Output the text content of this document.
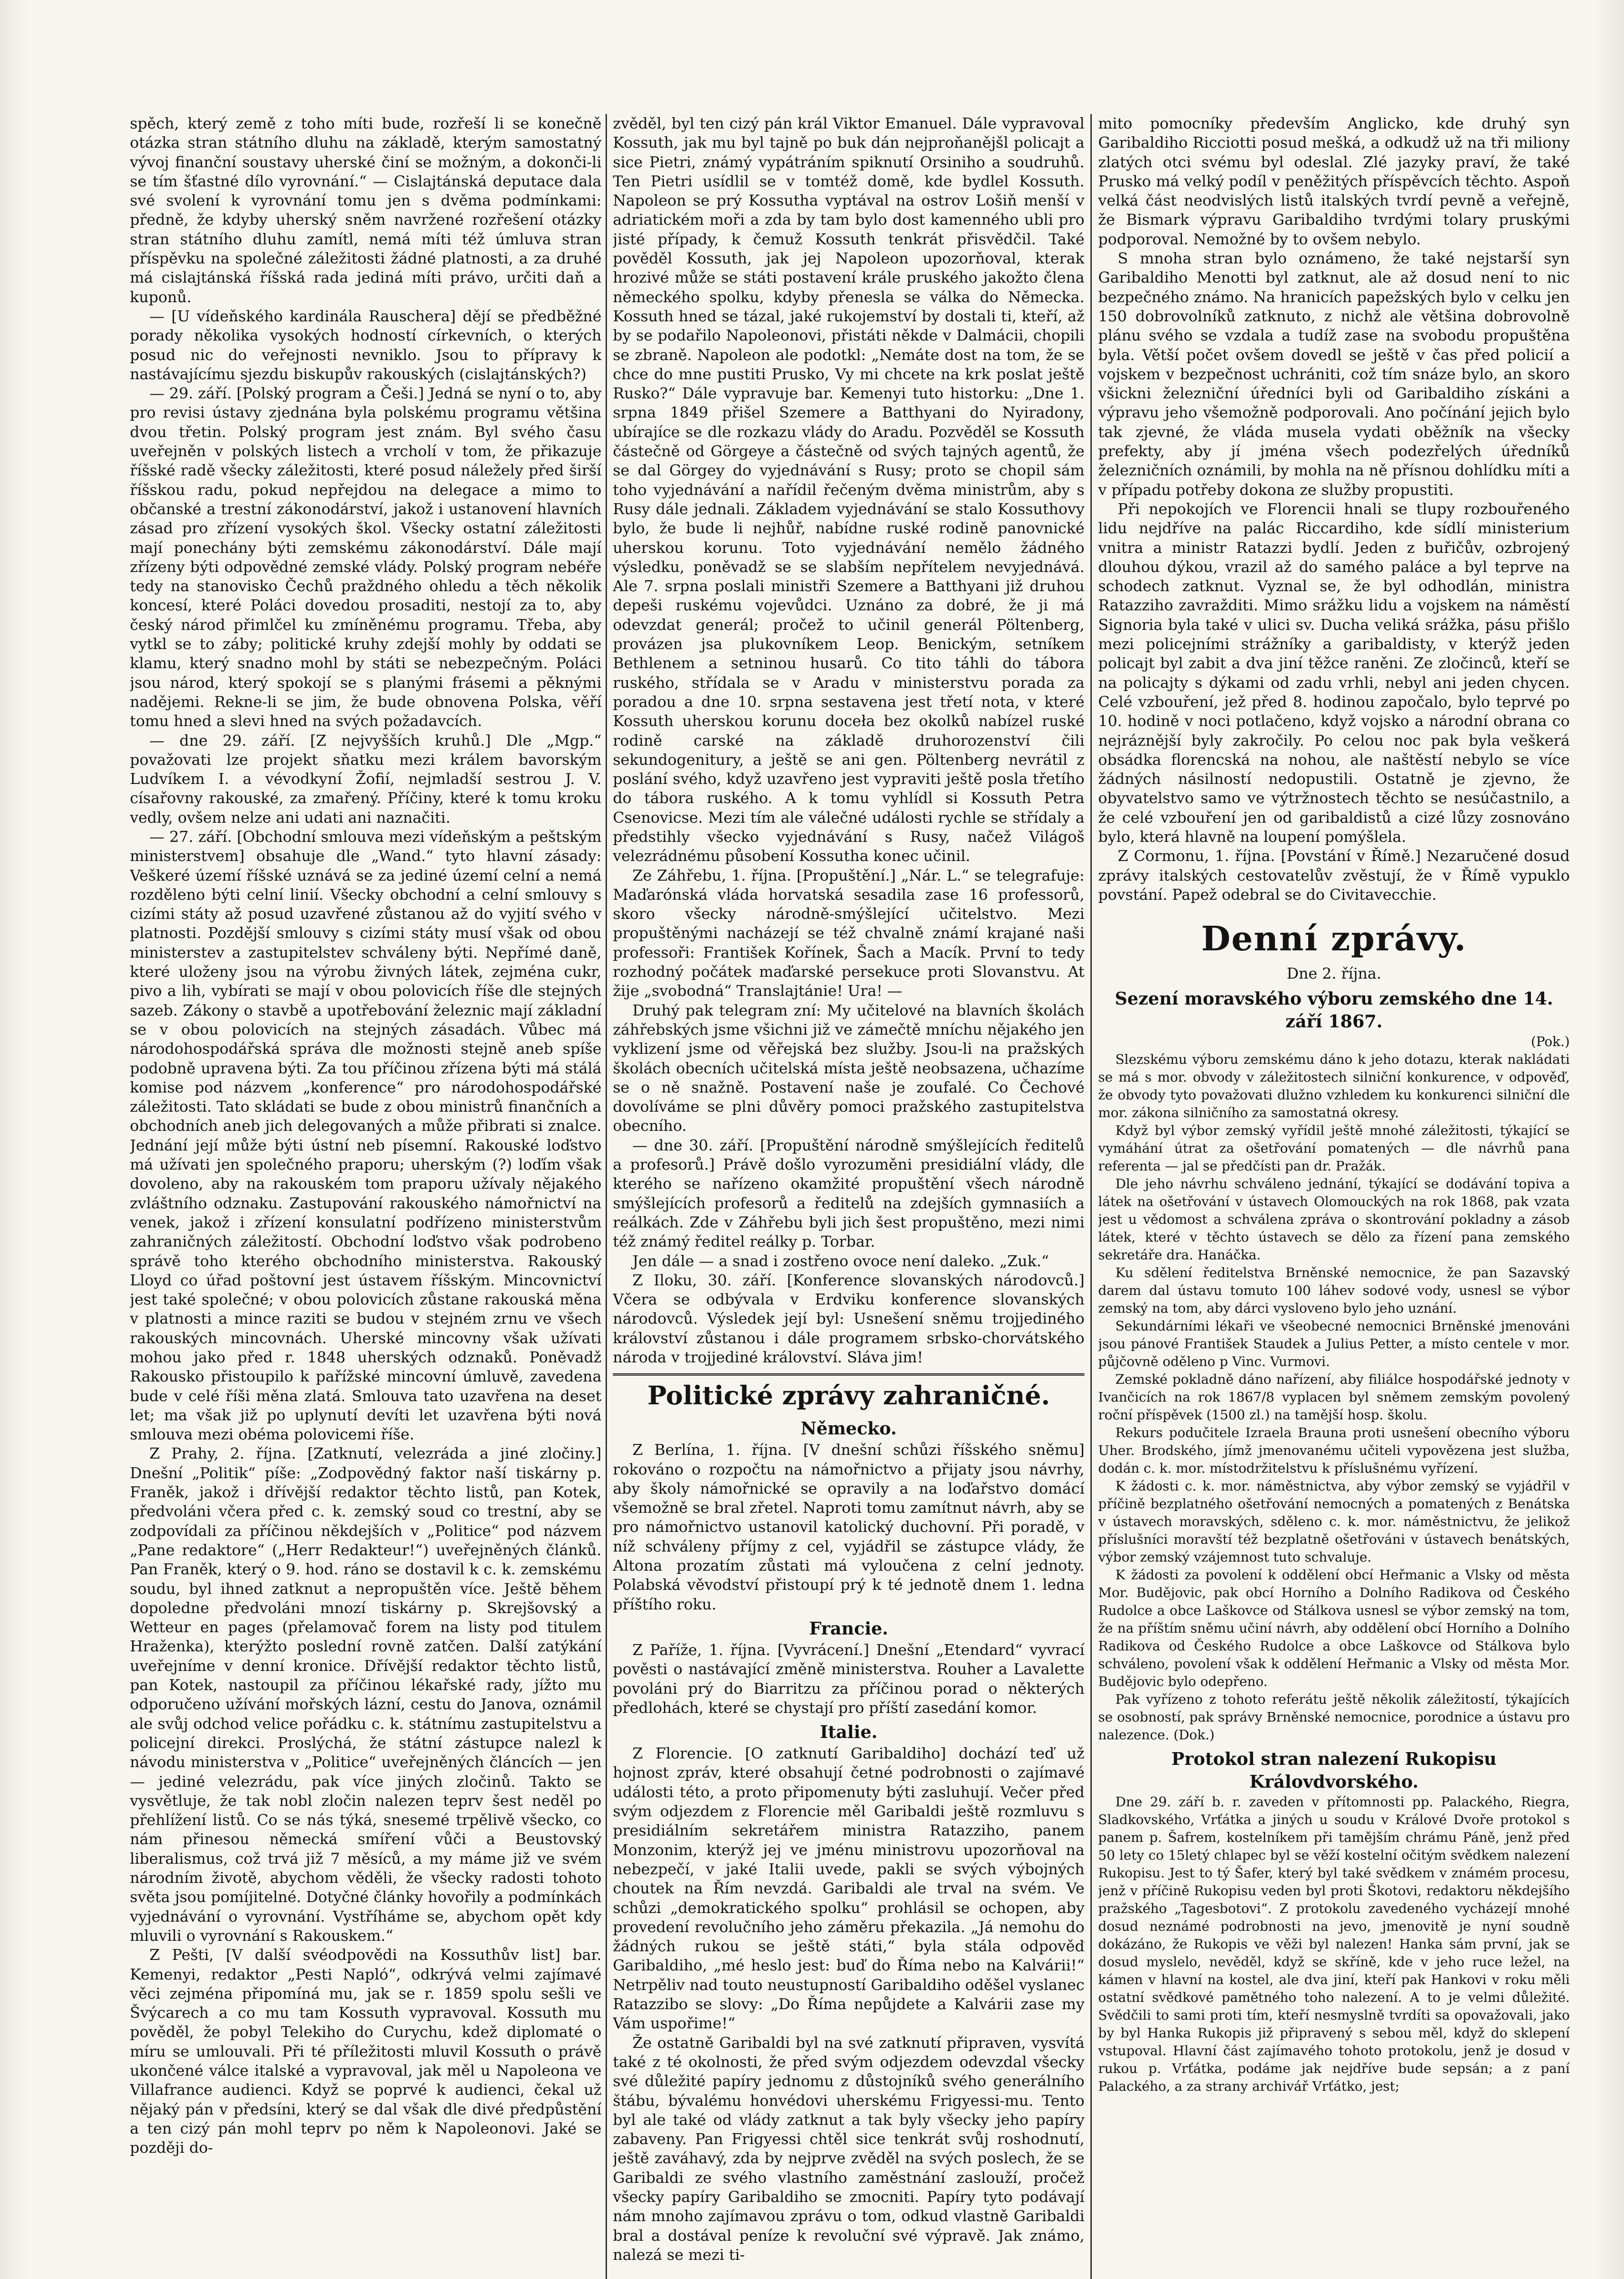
spěch, který země z toho míti bude, rozřeší li se konečně otázka stran státního dluhu na základě, kterým samostatný vývoj finanční soustavy uherské činí se možným, a dokonči-li se tím šťastné dílo vyrovnání.“ — Cislajtánská deputace dala své svolení k vyrovnání tomu jen s dvěma podmínkami: předně, že kdyby uherský sněm navržené rozřešení otázky stran státního dluhu zamítl, nemá míti též úmluva stran příspěvku na společné záležitosti žádné platnosti, a za druhé má cislajtánská říšská rada jediná míti právo, určiti daň a kuponů.

— [U vídeňského kardinála Rauschera] dějí se předběžné porady několika vysokých hodností církevních, o kterých posud nic do veřejnosti nevniklo. Jsou to přípravy k nastávajícímu sjezdu biskupův rakouských (cislajtánských?)

— 29. září. [Polský program a Češi.] Jedná se nyní o to, aby pro revisi ústavy zjednána byla polskému programu většina dvou třetin. Polský program jest znám. Byl svého času uveřejněn v polských listech a vrcholí v tom, že přikazuje říšské radě všecky záležitosti, které posud náležely před širší říšskou radu, pokud nepřejdou na delegace a mimo to občanské a trestní zákonodárství, jakož i ustanovení hlavních zásad pro zřízení vysokých škol. Všecky ostatní záležitosti mají ponechány býti zemskému zákonodárství. Dále mají zřízeny býti odpovědné zemské vlády. Polský program nebéře tedy na stanovisko Čechů praždného ohledu a těch několik koncesí, které Poláci dovedou prosaditi, nestojí za to, aby český národ přimlčel ku zmíněnému programu. Třeba, aby vytkl se to záby; politické kruhy zdejší mohly by oddati se klamu, který snadno mohl by státi se nebezpečným. Poláci jsou národ, který spokojí se s planými frásemi a pěknými nadějemi. Rekne-li se jim, že bude obnovena Polska, věří tomu hned a slevi hned na svých požadavcích.

— dne 29. září. [Z nejvyšších kruhů.] Dle „Mgp.“ považovati lze projekt sňatku mezi králem bavorským Ludvíkem I. a vévodkyní Žofií, nejmladší sestrou J. V. císařovny rakouské, za zmařený. Příčiny, které k tomu kroku vedly, ovšem nelze ani udati ani naznačiti.

— 27. září. [Obchodní smlouva mezi vídeňským a peštským ministerstvem] obsahuje dle „Wand.“ tyto hlavní zásady: Veškeré území říšské uznává se za jediné území celní a nemá rozděleno býti celní linií. Všecky obchodní a celní smlouvy s cizími státy až posud uzavřené zůstanou až do vyjití svého v platnosti. Pozdější smlouvy s cizími státy musí však od obou ministerstev a zastupitelstev schváleny býti. Nepřímé daně, které uloženy jsou na výrobu živných látek, zejména cukr, pivo a lih, vybírati se mají v obou polovicích říše dle stejných sazeb. Zákony o stavbě a upotřebování železnic mají základní se v obou polovicích na stejných zásadách. Vůbec má národohospodářská správa dle možnosti stejně aneb spíše podobně upravena býti. Za tou příčinou zřízena býti má stálá komise pod názvem „konference“ pro národohospodářské záležitosti. Tato skládati se bude z obou ministrů finančních a obchodních aneb jich delegovaných a může přibrati si znalce. Jednání její může býti ústní neb písemní. Rakouské loďstvo má užívati jen společného praporu; uherským (?) loďím však dovoleno, aby na rakouském tom praporu užívaly nějakého zvláštního odznaku. Zastupování rakouského námořnictví na venek, jakož i zřízení konsulatní podřízeno ministerstvům zahraničných záležitostí. Obchodní loďstvo však podrobeno správě toho kterého obchodního ministerstva. Rakouský Lloyd co úřad poštovní jest ústavem říšským. Mincovnictví jest také společné; v obou polovicích zůstane rakouská měna v platnosti a mince raziti se budou v stejném zrnu ve všech rakouských mincovnách. Uherské mincovny však užívati mohou jako před r. 1848 uherských odznaků. Poněvadž Rakousko přistoupilo k pařížské mincovní úmluvě, zavedena bude v celé říši měna zlatá. Smlouva tato uzavřena na deset let; ma však již po uplynutí devíti let uzavřena býti nová smlouva mezi obéma polovicemi říše.

Z Prahy, 2. října. [Zatknutí, velezráda a jiné zločiny.] Dnešní „Politik“ píše: „Zodpovědný faktor naší tiskárny p. Franěk, jakož i dřívější redaktor těchto listů, pan Kotek, předvoláni včera před c. k. zemský soud co trestní, aby se zodpovídali za příčinou někdejších v „Politice“ pod názvem „Pane redaktore“ („Herr Redakteur!“) uveřejněných článků. Pan Franěk, který o 9. hod. ráno se dostavil k c. k. zemskému soudu, byl ihned zatknut a nepropuštěn více. Ještě během dopoledne předvoláni mnozí tiskárny p. Skrejšovský a Wetteur en pages (přelamovač forem na listy pod titulem Hraženka), kterýžto poslední rovně zatčen. Další zatýkání uveřejníme v denní kronice. Dřívější redaktor těchto listů, pan Kotek, nastoupil za příčinou lékařské rady, jížto mu odporučeno užívání mořských lázní, cestu do Janova, oznámil ale svůj odchod velice pořádku c. k. státnímu zastupitelstvu a policejní direkci. Proslýchá, že státní zástupce nalezl k návodu ministerstva v „Politice“ uveřejněných článcích — jen — jediné velezrádu, pak více jiných zločinů. Takto se vysvětluje, že tak nobl zločin nalezen teprv šest neděl po přehlížení listů. Co se nás týká, snesemé trpělivě všecko, co nám přinesou německá smíření vůči a Beustovský liberalismus, což trvá již 7 měsíců, a my máme již ve svém národním životě, abychom věděli, že všecky radosti tohoto světa jsou pomíjitelné. Dotyčné články hovořily a podmínkách vyjednávání o vyrovnání. Vystříháme se, abychom opět kdy mluvili o vyrovnání s Rakouskem.“

Z Pešti, [V další svéodpovědi na Kossuthův list] bar. Kemenyi, redaktor „Pesti Napló“, odkrývá velmi zajímavé věci zejména připomíná mu, jak se r. 1859 spolu sešli ve Švýcarech a co mu tam Kossuth vypravoval. Kossuth mu pověděl, že pobyl Telekiho do Curychu, kdež diplomaté o míru se umlouvali. Při té příležitosti mluvil Kossuth o právě ukončené válce italské a vypravoval, jak měl u Napoleona ve Villafrance audienci. Když se poprvé k audienci, čekal už nějaký pán v předsíni, který se dal však dle divé předpůstění a ten cizý pán mohl teprv po něm k Napoleonovi. Jaké se později do-

zvěděl, byl ten cizý pán král Viktor Emanuel. Dále vypravoval Kossuth, jak mu byl tajně po buk dán nejproňanějšl policajt a sice Pietri, známý vypátráním spiknutí Orsiniho a soudruhů. Ten Pietri usídlil se v tomtéž domě, kde bydlel Kossuth. Napoleon se prý Kossutha vyptával na ostrov Lošiň menší v adriatickém moři a zda by tam bylo dost kamenného ubli pro jisté případy, k čemuž Kossuth tenkrát přisvědčil. Také pověděl Kossuth, jak jej Napoleon upozorňoval, kterak hrozivé může se státi postavení krále pruského jakožto člena německého spolku, kdyby přenesla se válka do Německa. Kossuth hned se tázal, jaké rukojemství by dostali ti, kteří, až by se podařilo Napoleonovi, přistáti někde v Dalmácii, chopili se zbraně. Napoleon ale podotkl: „Nemáte dost na tom, že se chce do mne pustiti Prusko, Vy mi chcete na krk poslat ještě Rusko?“ Dále vypravuje bar. Kemenyi tuto historku: „Dne 1. srpna 1849 přišel Szemere a Batthyani do Nyiradony, ubírajíce se dle rozkazu vlády do Aradu. Pozvěděl se Kossuth částečně od Görgeye a částečně od svých tajných agentů, že se dal Görgey do vyjednávání s Rusy; proto se chopil sám toho vyjednávání a nařídil řečeným dvěma ministrům, aby s Rusy dále jednali. Základem vyjednávání se stalo Kossuthovy bylo, že bude li nejhůř, nabídne ruské rodině panovnické uherskou korunu. Toto vyjednávání nemělo žádného výsledku, poněvadž se se slabším nepřítelem nevyjednává. Ale 7. srpna poslali ministři Szemere a Batthyani již druhou depeši ruskému vojevůdci. Uznáno za dobré, že ji má odevzdat generál; pročež to učinil generál Pöltenberg, provázen jsa plukovníkem Leop. Benickým, setníkem Bethlenem a setninou husarů. Co tito táhli do tábora ruského, střídala se v Aradu v ministerstvu porada za poradou a dne 10. srpna sestavena jest třetí nota, v které Kossuth uherskou korunu doceła bez okolků nabízel ruské rodině carské na základě druhorozenství čili sekundogenitury, a ještě se ani gen. Pöltenberg nevrátil z poslání svého, když uzavřeno jest vypraviti ještě posla třetího do tábora ruského. A k tomu vyhlídl si Kossuth Petra Csenovicse. Mezi tím ale válečné události rychle se střídaly a předstihly všecko vyjednávání s Rusy, načež Világoš velezrádnému působení Kossutha konec učinil.

Ze Záhřebu, 1. října. [Propuštění.] „Nár. L.“ se telegrafuje: Maďarónská vláda horvatská sesadila zase 16 professorů, skoro všecky národně-smýšlející učitelstvo. Mezi propuštěnými nacházejí se též chvalně známí krajané naši professoři: František Kořínek, Šach a Macík. První to tedy rozhodný počátek maďarské persekuce proti Slovanstvu. At žije „svobodná“ Translajtánie! Ura! —

Druhý pak telegram zní: My učitelové na blavních školách záhřebských jsme všichni již ve zámečtě mníchu nějakého jen vyklizení jsme od věřejská bez služby. Jsou-li na pražských školách obecních učitelská místa ještě neobsazena, učhazíme se o ně snažně. Postavení naše je zoufalé. Co Čechové dovolíváme se plni důvěry pomoci pražského zastupitelstva obecního.

— dne 30. září. [Propuštění národně smýšlejících ředitelů a profesorů.] Právě došlo vyrozuměni presidiální vlády, dle kterého se nařízeno okamžité propuštění všech národně smýšlejících profesorů a ředitelů na zdejších gymnasiích a reálkách. Zde v Záhřebu byli jich šest propuštěno, mezi nimi též známý ředitel reálky p. Torbar.

Jen dále — a snad i zostřeno ovoce není daleko. „Zuk.“

Z Iloku, 30. září. [Konference slovanských národovců.] Včera se odbývala v Erdviku konference slovanských národovců. Výsledek její byl: Usnešení sněmu trojjediného království zůstanou i dále programem srbsko-chorvátského národa v trojjediné království. Slávа jim!

Politické zprávy zahraničné.
Německo.

Z Berlína, 1. října. [V dnešní schůzi říšského sněmu] rokováno o rozpočtu na námořnictvo a přijaty jsou návrhy, aby školy námořnické se opravily a na loďařstvo domácí všemožně se bral zřetel. Naproti tomu zamítnut návrh, aby se pro námořnictvo ustanovil katolický duchovní. Při poradě, v níž schváleny příjmy z cel, vyjádřil se zástupce vlády, že Altona prozatím zůstati má vyloučena z celní jednoty. Polabská věvodství přistoupí prý k té jednotě dnem 1. ledna příštího roku.

Francie.

Z Paříže, 1. října. [Vyvrácení.] Dnešní „Etendard“ vyvrací pověsti o nastávající změně ministerstva. Rouher a Lavalette povoláni prý do Biarritzu za příčinou porad o některých předlohách, které se chystají pro příští zasedání komor.

Italie.

Z Florencie. [O zatknutí Garibaldiho] dochází teď už hojnost zpráv, které obsahují četné podrobnosti o zajímavé události této, a proto připomenuty býti zasluhují. Večer před svým odjezdem z Florencie měl Garibaldi ještě rozmluvu s presidiálním sekretářem ministra Ratazziho, panem Monzonim, kterýž jej ve jménu ministrovu upozorňoval na nebezpečí, v jaké Italii uvede, pakli se svých výbojných choutek na Řím nevzdá. Garibaldi ale trval na svém. Ve schůzi „demokratického spolku“ prohlásil se ochopen, aby provedení revolučního jeho záměru překazila. „Já nemohu do žádných rukou se ještě státi,“ byla stála odpověď Garibaldiho, „mé heslo jest: buď do Říma nebo na Kalvárii!“ Netrpěliv nad touto neustupností Garibaldiho oděšel vyslanec Ratazzibo se slovy: „Do Říma nepůjdete a Kalvárii zase my Vám uspořime!“

Že ostatně Garibaldi byl na své zatknutí připraven, vysvítá také z té okolnosti, že před svým odjezdem odevzdal všecky své důležité papíry jednomu z důstojníků svého generálního štábu, bývalému honvédovi uherskému Frigyessi-mu. Tento byl ale také od vlády zatknut a tak byly všecky jeho papíry zabaveny. Pan Frigyessi chtěl sice tenkrát svůj roshodnutí, ještě zaváhavý, zda by nejprve zvěděl na svých poslech, že se Garibaldi ze svého vlastního zaměstnání zaslouží, pročež všecky papíry Garibaldiho se zmocniti. Papíry tyto podávají nám mnoho zajímavou zprávu o tom, odkud vlastně Garibaldi bral a dostával peníze k revoluční své výpravě. Jak známo, nalezá se mezi ti-

mito pomocníky především Anglicko, kde druhý syn Garibaldiho Ricciotti posud mešká, a odkudž už na tři miliony zlatých otci svému byl odeslal. Zlé jazyky praví, že také Prusko má velký podíl v peněžitých příspěvcích těchto. Aspoň velká část neodvislých listů italských tvrdí pevně a veřejně, že Bismark výpravu Garibaldiho tvrdými tolary pruskými podporoval. Nemožné by to ovšem nebylo.

S mnoha stran bylo oznámeno, že také nejstarší syn Garibaldiho Menotti byl zatknut, ale až dosud není to nic bezpečného známo. Na hranicích papežských bylo v celku jen 150 dobrovolníků zatknuto, z nichž ale většina dobrovolně plánu svého se vzdala a tudíž zase na svobodu propuštěna byla. Větší počet ovšem dovedl se ještě v čas před policií a vojskem v bezpečnost uchrániti, což tím snáze bylo, an skoro všickni železniční úředníci byli od Garibaldiho získáni a výpravu jeho všemožně podporovali. Ano počínání jejich bylo tak zjevné, že vláda musela vydati oběžník na všecky prefekty, aby jí jména všech podezřelých úředníků železničních oznámili, by mohla na ně přísnou dohlídku míti a v případu potřeby dokona ze služby propustiti.

Při nepokojích ve Florencii hnali se tlupy rozbouřeného lidu nejdříve na palác Riccardiho, kde sídlí ministerium vnitra a ministr Ratazzi bydlí. Jeden z buřičův, ozbrojený dlouhou dýkou, vrazil až do samého paláce a byl teprve na schodech zatknut. Vyznal se, že byl odhodlán, ministra Ratazziho zavražditi. Mimo srážku lidu a vojskem na náměstí Signoria byla také v ulici sv. Ducha veliká srážka, pásu přišlo mezi policejními strážníky a garibaldisty, v kterýž jeden policajt byl zabit a dva jiní těžce raněni. Ze zločinců, kteří se na policajty s dýkami od zadu vrhli, nebyl ani jeden chycen. Celé vzbouření, jež před 8. hodinou započalo, bylo teprvé po 10. hodině v noci potlačeno, když vojsko a národní obrana co nejráznější byly zakročily. Po celou noc pak byla veškerá obsádka florencská na nohou, ale naštěstí nebylo se více žádných násilností nedopustili. Ostatně je zjevno, že obyvatelstvo samo ve výtržnostech těchto se nesúčastnilo, a že celé vzbouření jen od garibaldistů a cizé lůzy zosnováno bylo, která hlavně na loupení pomýšlela.

Z Cormonu, 1. října. [Povstání v Římě.] Nezaručené dosud zprávy italských cestovatelův zvěstují, že v Římě vypuklo povstání. Papež odebral se do Civitavecchie.

Denní zprávy.
Dne 2. října.
Sezení moravského výboru zemského dne 14. září 1867.
(Pok.)

Slezskému výboru zemskému dáno k jeho dotazu, kterak nakládati se má s mor. obvody v záležitostech silniční konkurence, v odpověď, že obvody tyto považovati dlužno vzhledem ku konkurenci silniční dle mor. zákona silničního za samostatná okresy.

Když byl výbor zemský vyřídil ještě mnohé záležitosti, týkající se vymáhání útrat za ošetřování pomatených — dle návrhů pana referenta — jal se předčísti pan dr. Pražák.

Dle jeho návrhu schváleno jednání, týkající se dodávání topiva a látek na ošetřování v ústavech Olomouckých na rok 1868, pak vzata jest u vědomost a schválena zpráva o skontrování pokladny a zásob látek, které v těchto ústavech se dělo za řízení pana zemského sekretáře dra. Hanáčka.

Ku sdělení ředitelstva Brněnské nemocnice, že pan Sazavský darem dal ústavu tomuto 100 láhev sodové vody, usnesl se výbor zemský na tom, aby dárci vysloveno bylo jeho uznání.

Sekundárními lékaři ve všeobecné nemocnici Brněnské jmenováni jsou pánové František Staudek a Julius Petter, a místo centele v mor. půjčovně oděleno p Vinc. Vurmovi.

Zemské pokladně dáno nařízení, aby filiálce hospodářské jednoty v Ivančicích na rok 1867/8 vyplacen byl sněmem zemským povolený roční příspěvek (1500 zl.) na tamější hosp. školu.

Rekurs podučitele Izraela Brauna proti usnešení obecního výboru Uher. Brodského, jímž jmenovanému učiteli vypovězena jest služba, dodán c. k. mor. místodržitelstvu k příslušnému vyřízení.

K žádosti c. k. mor. náměstnictva, aby výbor zemský se vyjádřil v příčině bezplatného ošetřování nemocných a pomatených z Benátska v ústavech moravských, sděleno c. k. mor. náměstnictvu, že jelikož příslušníci moravští též bezplatně ošetřováni v ústavech benátských, výbor zemský vzájemnost tuto schvaluje.

K žádosti za povolení k oddělení obcí Heřmanic a Vlsky od města Mor. Budějovic, pak obcí Horního a Dolního Radikova od Českého Rudolce a obce Laškovce od Stálkova usnesl se výbor zemský na tom, že na příštím sněmu učiní návrh, aby oddělení obcí Horního a Dolního Radikova od Českého Rudolce a obce Laškovce od Stálkova bylo schváleno, povolení však k oddělení Heřmanic a Vlsky od města Mor. Budějovic bylo odepřeno.

Pak vyřízeno z tohoto referátu ještě několik záležitostí, týkajících se osobností, pak správy Brněnské nemocnice, porodnice a ústavu pro nalezence. (Dok.)

Protokol stran nalezení Rukopisu Královdvorského.

Dne 29. září b. r. zaveden v přítomnosti pp. Palackého, Riegra, Sladkovského, Vrťátka a jiných u soudu v Králové Dvoře protokol s panem p. Šafrem, kostelníkem při tamějším chrámu Páně, jenž před 50 lety co 15letý chlapec byl se věží kostelní očitým svědkem nalezení Rukopisu. Jest to tý Šafer, který byl také svědkem v známém procesu, jenž v příčině Rukopisu veden byl proti Škotovi, redaktoru někdejšího pražského „Tagesbotovi“. Z protokolu zavedeného vycházejí mnohé dosud neznámé podrobnosti na jevo, jmenovitě je nyní soudně dokázáno, že Rukopis ve věži byl nalezen! Hanka sám první, jak se dosud myslelo, nevěděl, když se skříně, kde v jeho ruce ležel, na kámen v hlavní na kostel, ale dva jiní, kteří pak Hankovi v roku měli ostatní svědkové pamětného toho nalezení. A to je velmi důležité. Svědčili to sami proti tím, kteří nesmyslně tvrdíti sa opovažovali, jako by byl Hanka Rukopis již připravený s sebou měl, když do sklepení vstupoval. Hlavní část zajímavého tohoto protokolu, jenž je dosud v rukou p. Vrťátka, podáme jak nejdříve bude sepsán; a z paní Palackého, a za strany archivář Vrťátko, jest;
